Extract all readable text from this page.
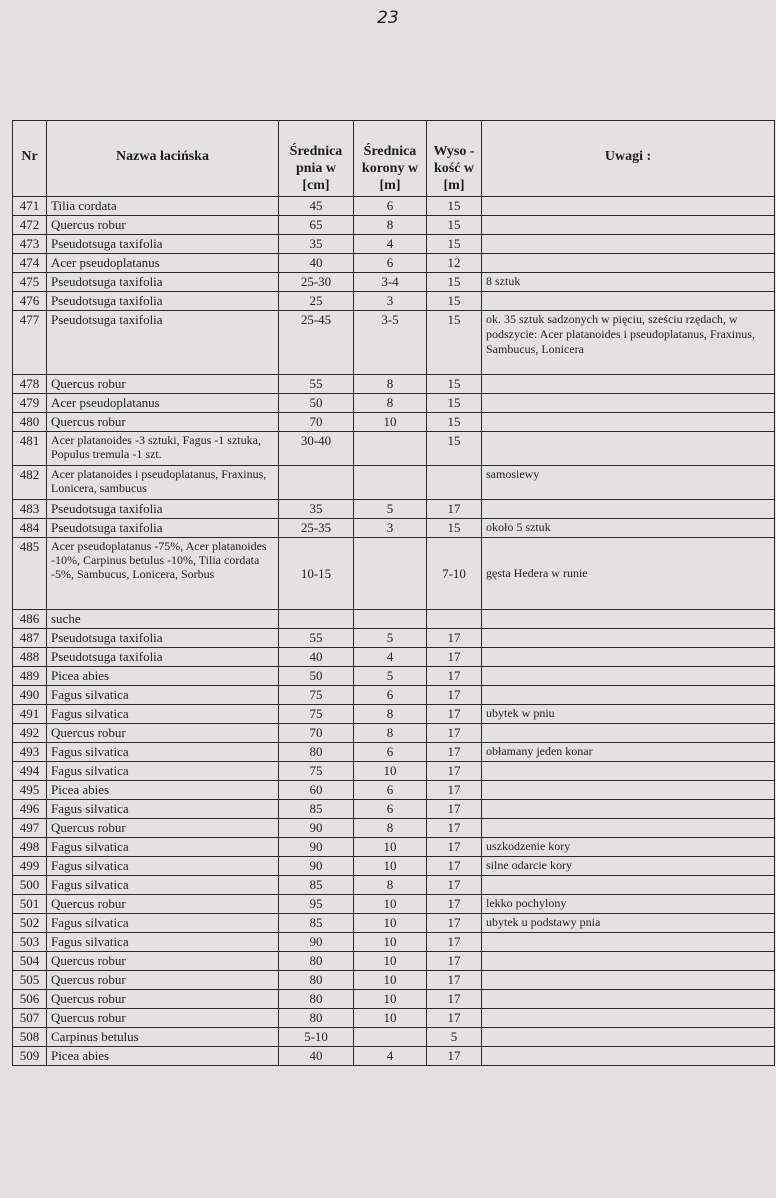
23
Nr	Nazwa łacińska	Średnica pnia w [cm]	Średnica korony w [m]	Wyso -kość w [m]	Uwagi :
471	Tilia cordata	45	6	15	
472	Quercus robur	65	8	15	
473	Pseudotsuga taxifolia	35	4	15	
474	Acer pseudoplatanus	40	6	12	
475	Pseudotsuga taxifolia	25-30	3-4	15	8 sztuk
476	Pseudotsuga taxifolia	25	3	15	
477	Pseudotsuga taxifolia	25-45	3-5	15	ok. 35 sztuk sadzonych w pięciu, sześciu rzędach, w podszycie: Acer platanoides i pseudoplatanus, Fraxinus, Sambucus, Lonicera
478	Quercus robur	55	8	15	
479	Acer pseudoplatanus	50	8	15	
480	Quercus robur	70	10	15	
481	Acer platanoides -3 sztuki, Fagus -1 sztuka, Populus tremula -1 szt.	30-40		15	
482	Acer platanoides i pseudoplatanus, Fraxinus, Lonicera, sambucus				samosiewy
483	Pseudotsuga taxifolia	35	5	17	
484	Pseudotsuga taxifolia	25-35	3	15	około 5 sztuk
485	Acer pseudoplatanus -75%, Acer platanoides -10%, Carpinus betulus -10%, Tilia cordata -5%, Sambucus, Lonicera, Sorbus	10-15		7-10	gęsta Hedera w runie
486	suche				
487	Pseudotsuga taxifolia	55	5	17	
488	Pseudotsuga taxifolia	40	4	17	
489	Picea abies	50	5	17	
490	Fagus silvatica	75	6	17	
491	Fagus silvatica	75	8	17	ubytek w pniu
492	Quercus robur	70	8	17	
493	Fagus silvatica	80	6	17	obłamany jeden konar
494	Fagus silvatica	75	10	17	
495	Picea abies	60	6	17	
496	Fagus silvatica	85	6	17	
497	Quercus robur	90	8	17	
498	Fagus silvatica	90	10	17	uszkodzenie kory
499	Fagus silvatica	90	10	17	silne odarcie kory
500	Fagus silvatica	85	8	17	
501	Quercus robur	95	10	17	lekko pochylony
502	Fagus silvatica	85	10	17	ubytek u podstawy pnia
503	Fagus silvatica	90	10	17	
504	Quercus robur	80	10	17	
505	Quercus robur	80	10	17	
506	Quercus robur	80	10	17	
507	Quercus robur	80	10	17	
508	Carpinus betulus	5-10		5	
509	Picea abies	40	4	17	
